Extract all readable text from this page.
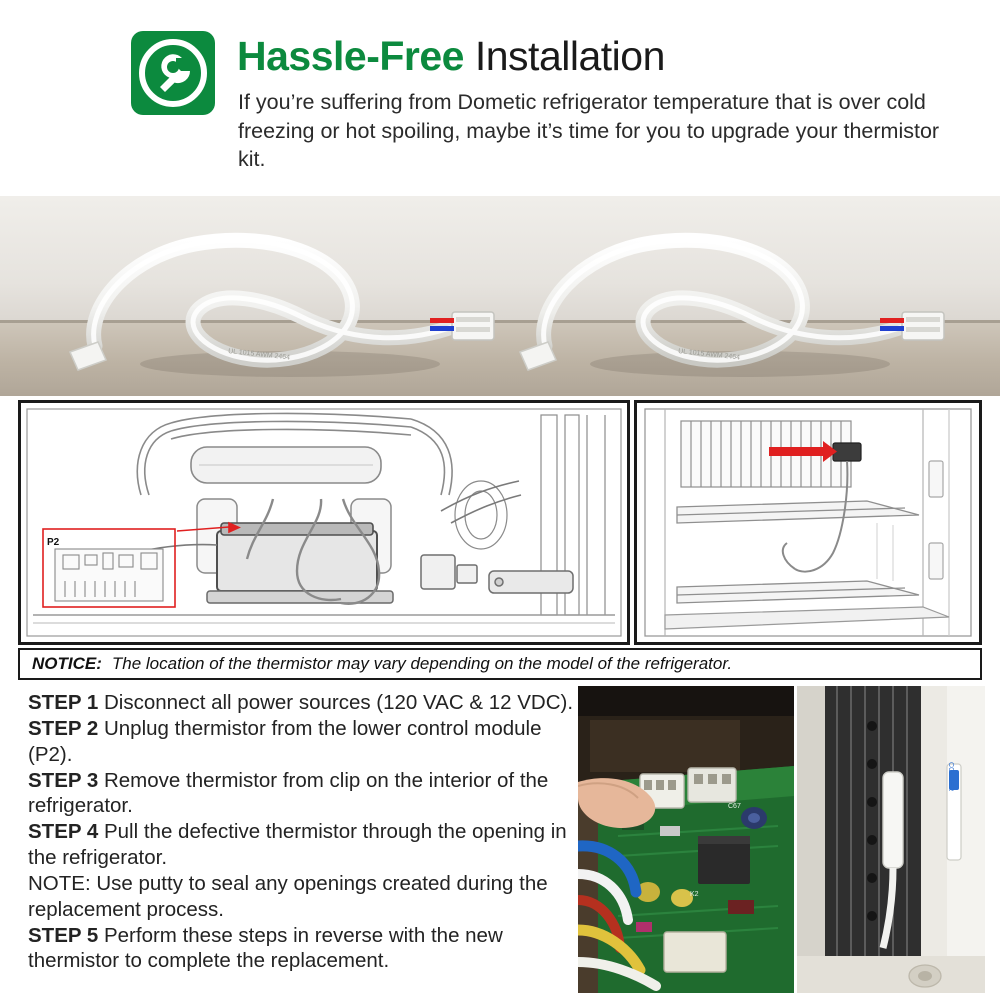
Hassle-Free Installation
If you’re suffering from Dometic refrigerator temperature that is over cold freezing or hot spoiling, maybe it’s time for you to upgrade your thermistor kit.
UL 1015 AWM 2464	UL 1015 AWM 2464
P2
NOTICE: The location of the thermistor may vary depending on the model of the refrigerator.

STEP 1 Disconnect all power sources (120 VAC & 12 VDC).

STEP 2 Unplug thermistor from the lower control module (P2).

STEP 3 Remove thermistor from clip on the interior of the refrigerator.

STEP 4 Pull the defective thermistor through the opening in the refrigerator.

NOTE: Use putty to seal any openings created during the replacement process.

STEP 5 Perform these steps in reverse with the new thermistor to complete the replacement.

C67
K2
COLDER
